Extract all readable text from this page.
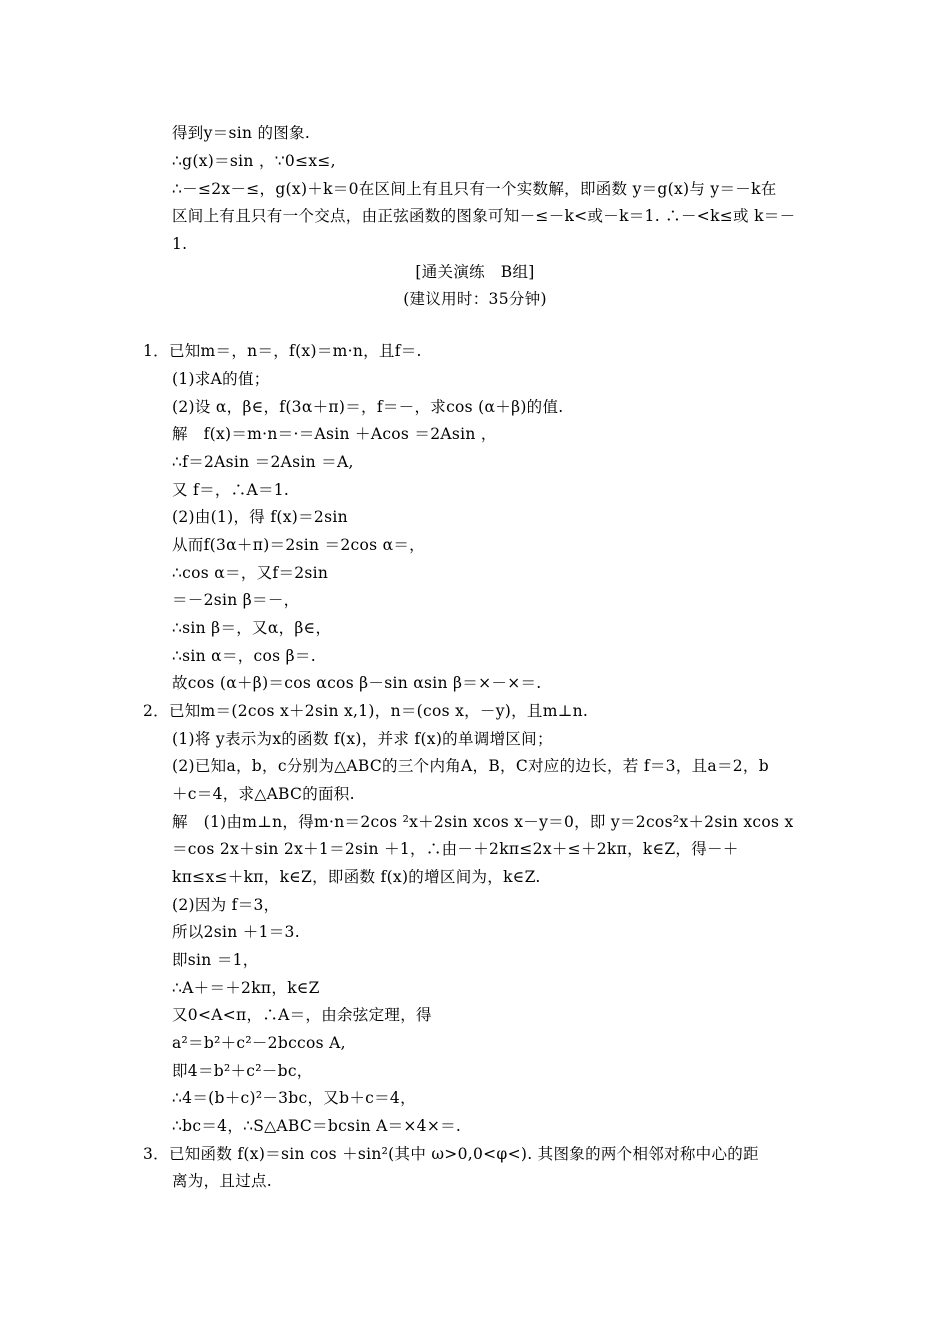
得到y＝sin 的图象.
∴g(x)＝sin ，∵0≤x≤,
∴－≤2x－≤，g(x)＋k＝0在区间上有且只有一个实数解，即函数 y＝g(x)与 y＝－k在
区间上有且只有一个交点，由正弦函数的图象可知－≤－k<或－k＝1. ∴－<k≤或 k＝－
1.
[通关演练　B组]
(建议用时：35分钟)
1．已知m＝，n＝，f(x)＝m·n，且f＝.
(1)求A的值；
(2)设 α，β∈，f(3α＋π)＝，f＝－，求cos (α＋β)的值.
解　f(x)＝m·n＝·＝Asin ＋Acos ＝2Asin ，
∴f＝2Asin ＝2Asin ＝A,
又 f＝，∴A＝1.
(2)由(1)，得 f(x)＝2sin
从而f(3α＋π)＝2sin ＝2cos α＝，
∴cos α＝，又f＝2sin
＝－2sin β＝－，
∴sin β＝，又α，β∈，
∴sin α＝，cos β＝.
故cos (α＋β)＝cos αcos β－sin αsin β＝×－×＝.
2．已知m＝(2cos x＋2sin x,1)，n＝(cos x，－y)，且m⊥n.
(1)将 y表示为x的函数 f(x)，并求 f(x)的单调增区间；
(2)已知a，b，c分别为△ABC的三个内角A，B，C对应的边长，若 f＝3，且a＝2，b
＋c＝4，求△ABC的面积.
解　(1)由m⊥n，得m·n＝2cos ²x＋2sin xcos x－y＝0，即 y＝2cos²x＋2sin xcos x
＝cos 2x＋sin 2x＋1＝2sin ＋1，∴由－＋2kπ≤2x＋≤＋2kπ，k∈Z，得－＋
kπ≤x≤＋kπ，k∈Z，即函数 f(x)的增区间为，k∈Z.
(2)因为 f＝3，
所以2sin ＋1＝3.
即sin ＝1，
∴A＋＝＋2kπ，k∈Z
又0<A<π，∴A＝，由余弦定理，得
a²＝b²＋c²－2bccos A,
即4＝b²＋c²－bc，
∴4＝(b＋c)²－3bc，又b＋c＝4，
∴bc＝4，∴S△ABC＝bcsin A＝×4×＝.
3．已知函数 f(x)＝sin cos ＋sin²(其中 ω>0,0<φ<). 其图象的两个相邻对称中心的距
离为，且过点.
